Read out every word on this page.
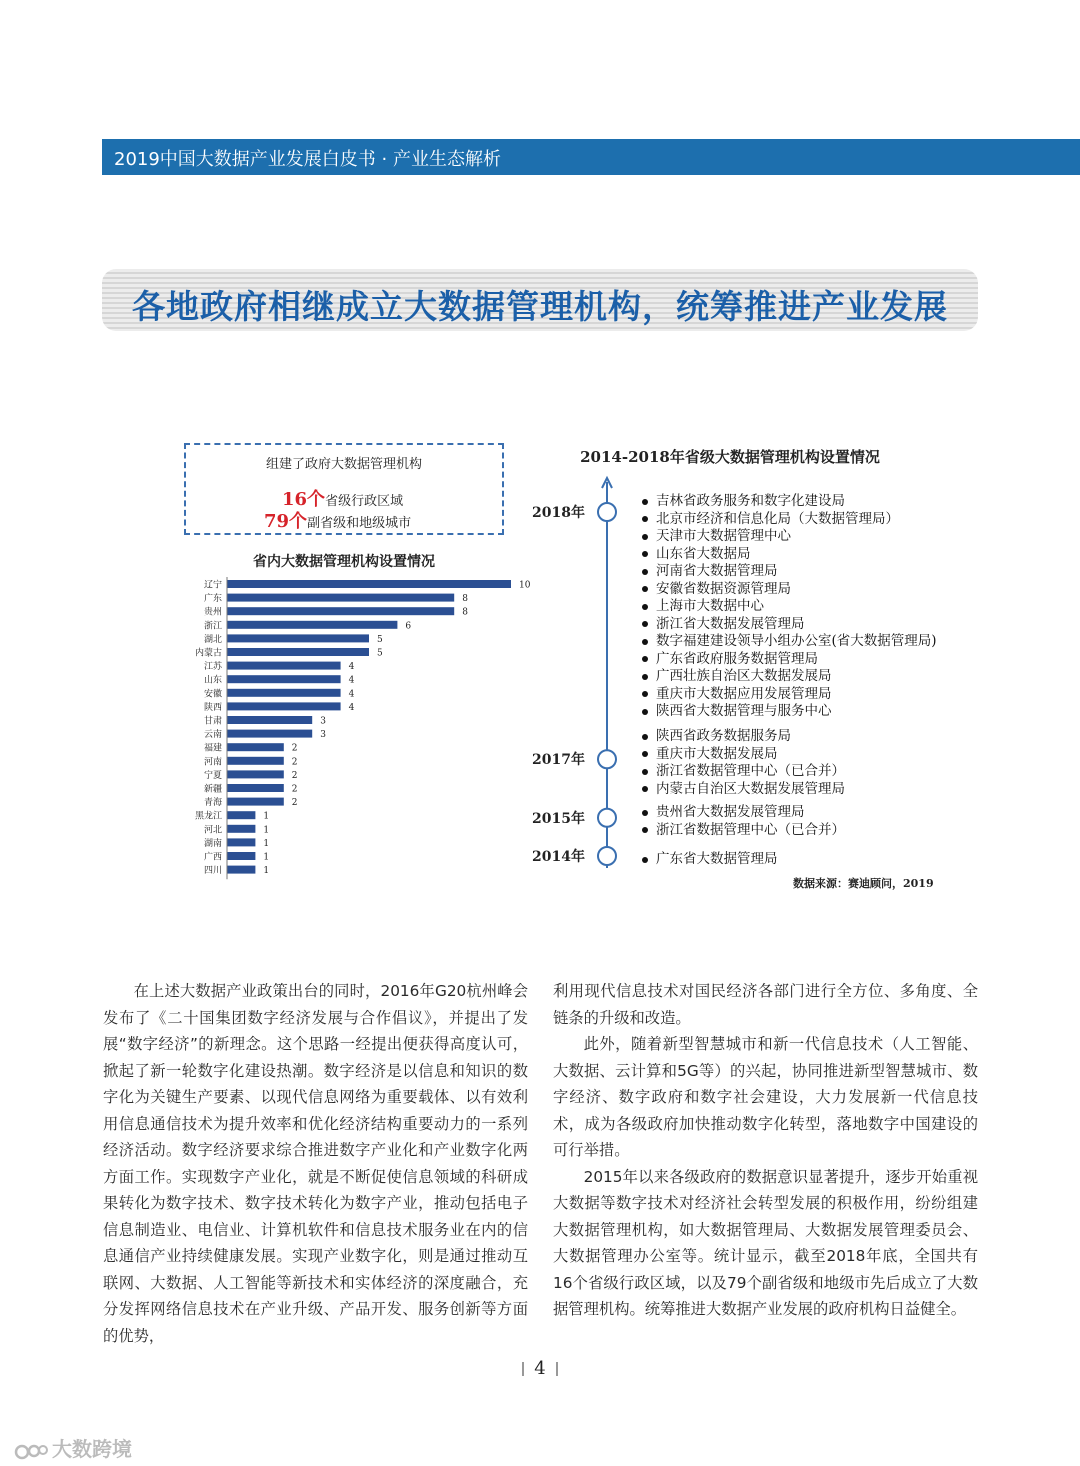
2019中国大数据产业发展白皮书 · 产业生态解析
各地政府相继成立大数据管理机构，统筹推进产业发展
组建了政府大数据管理机构
16个省级行政区域
79个副省级和地级城市
省内大数据管理机构设置情况
辽宁	10
广东	8
贵州	8
浙江	6
湖北	5
内蒙古	5
江苏	4
山东	4
安徽	4
陕西	4
甘肃	3
云南	3
福建	2
河南	2
宁夏	2
新疆	2
青海	2
黑龙江	1
河北	1
湖南	1
广西	1
四川	1
2014-2018年省级大数据管理机构设置情况
2018年
吉林省政务服务和数字化建设局
北京市经济和信息化局（大数据管理局）
天津市大数据管理中心
山东省大数据局
河南省大数据管理局
安徽省数据资源管理局
上海市大数据中心
浙江省大数据发展管理局
数字福建建设领导小组办公室(省大数据管理局)
广东省政府服务数据管理局
广西壮族自治区大数据发展局
重庆市大数据应用发展管理局
陕西省大数据管理与服务中心
2017年
陕西省政务数据服务局
重庆市大数据发展局
浙江省数据管理中心（已合并）
内蒙古自治区大数据发展管理局
2015年	贵州省大数据发展管理局
浙江省数据管理中心（已合并）
2014年	广东省大数据管理局
数据来源：赛迪顾问，2019

在上述大数据产业政策出台的同时，2016年G20杭州峰会发布了《二十国集团数字经济发展与合作倡议》，并提出了发展“数字经济”的新理念。这个思路一经提出便获得高度认可，掀起了新一轮数字化建设热潮。数字经济是以信息和知识的数字化为关键生产要素、以现代信息网络为重要载体、以有效利用信息通信技术为提升效率和优化经济结构重要动力的一系列经济活动。数字经济要求综合推进数字产业化和产业数字化两方面工作。实现数字产业化，就是不断促使信息领域的科研成果转化为数字技术、数字技术转化为数字产业，推动包括电子信息制造业、电信业、计算机软件和信息技术服务业在内的信息通信产业持续健康发展。实现产业数字化，则是通过推动互联网、大数据、人工智能等新技术和实体经济的深度融合，充分发挥网络信息技术在产业升级、产品开发、服务创新等方面的优势，

利用现代信息技术对国民经济各部门进行全方位、多角度、全链条的升级和改造。

此外，随着新型智慧城市和新一代信息技术（人工智能、大数据、云计算和5G等）的兴起，协同推进新型智慧城市、数字经济、数字政府和数字社会建设，大力发展新一代信息技术，成为各级政府加快推动数字化转型，落地数字中国建设的可行举措。

2015年以来各级政府的数据意识显著提升，逐步开始重视大数据等数字技术对经济社会转型发展的积极作用，纷纷组建大数据管理机构，如大数据管理局、大数据发展管理委员会、大数据管理办公室等。统计显示，截至2018年底，全国共有16个省级行政区域，以及79个副省级和地级市先后成立了大数据管理机构。统筹推进大数据产业发展的政府机构日益健全。

4
大数跨境
